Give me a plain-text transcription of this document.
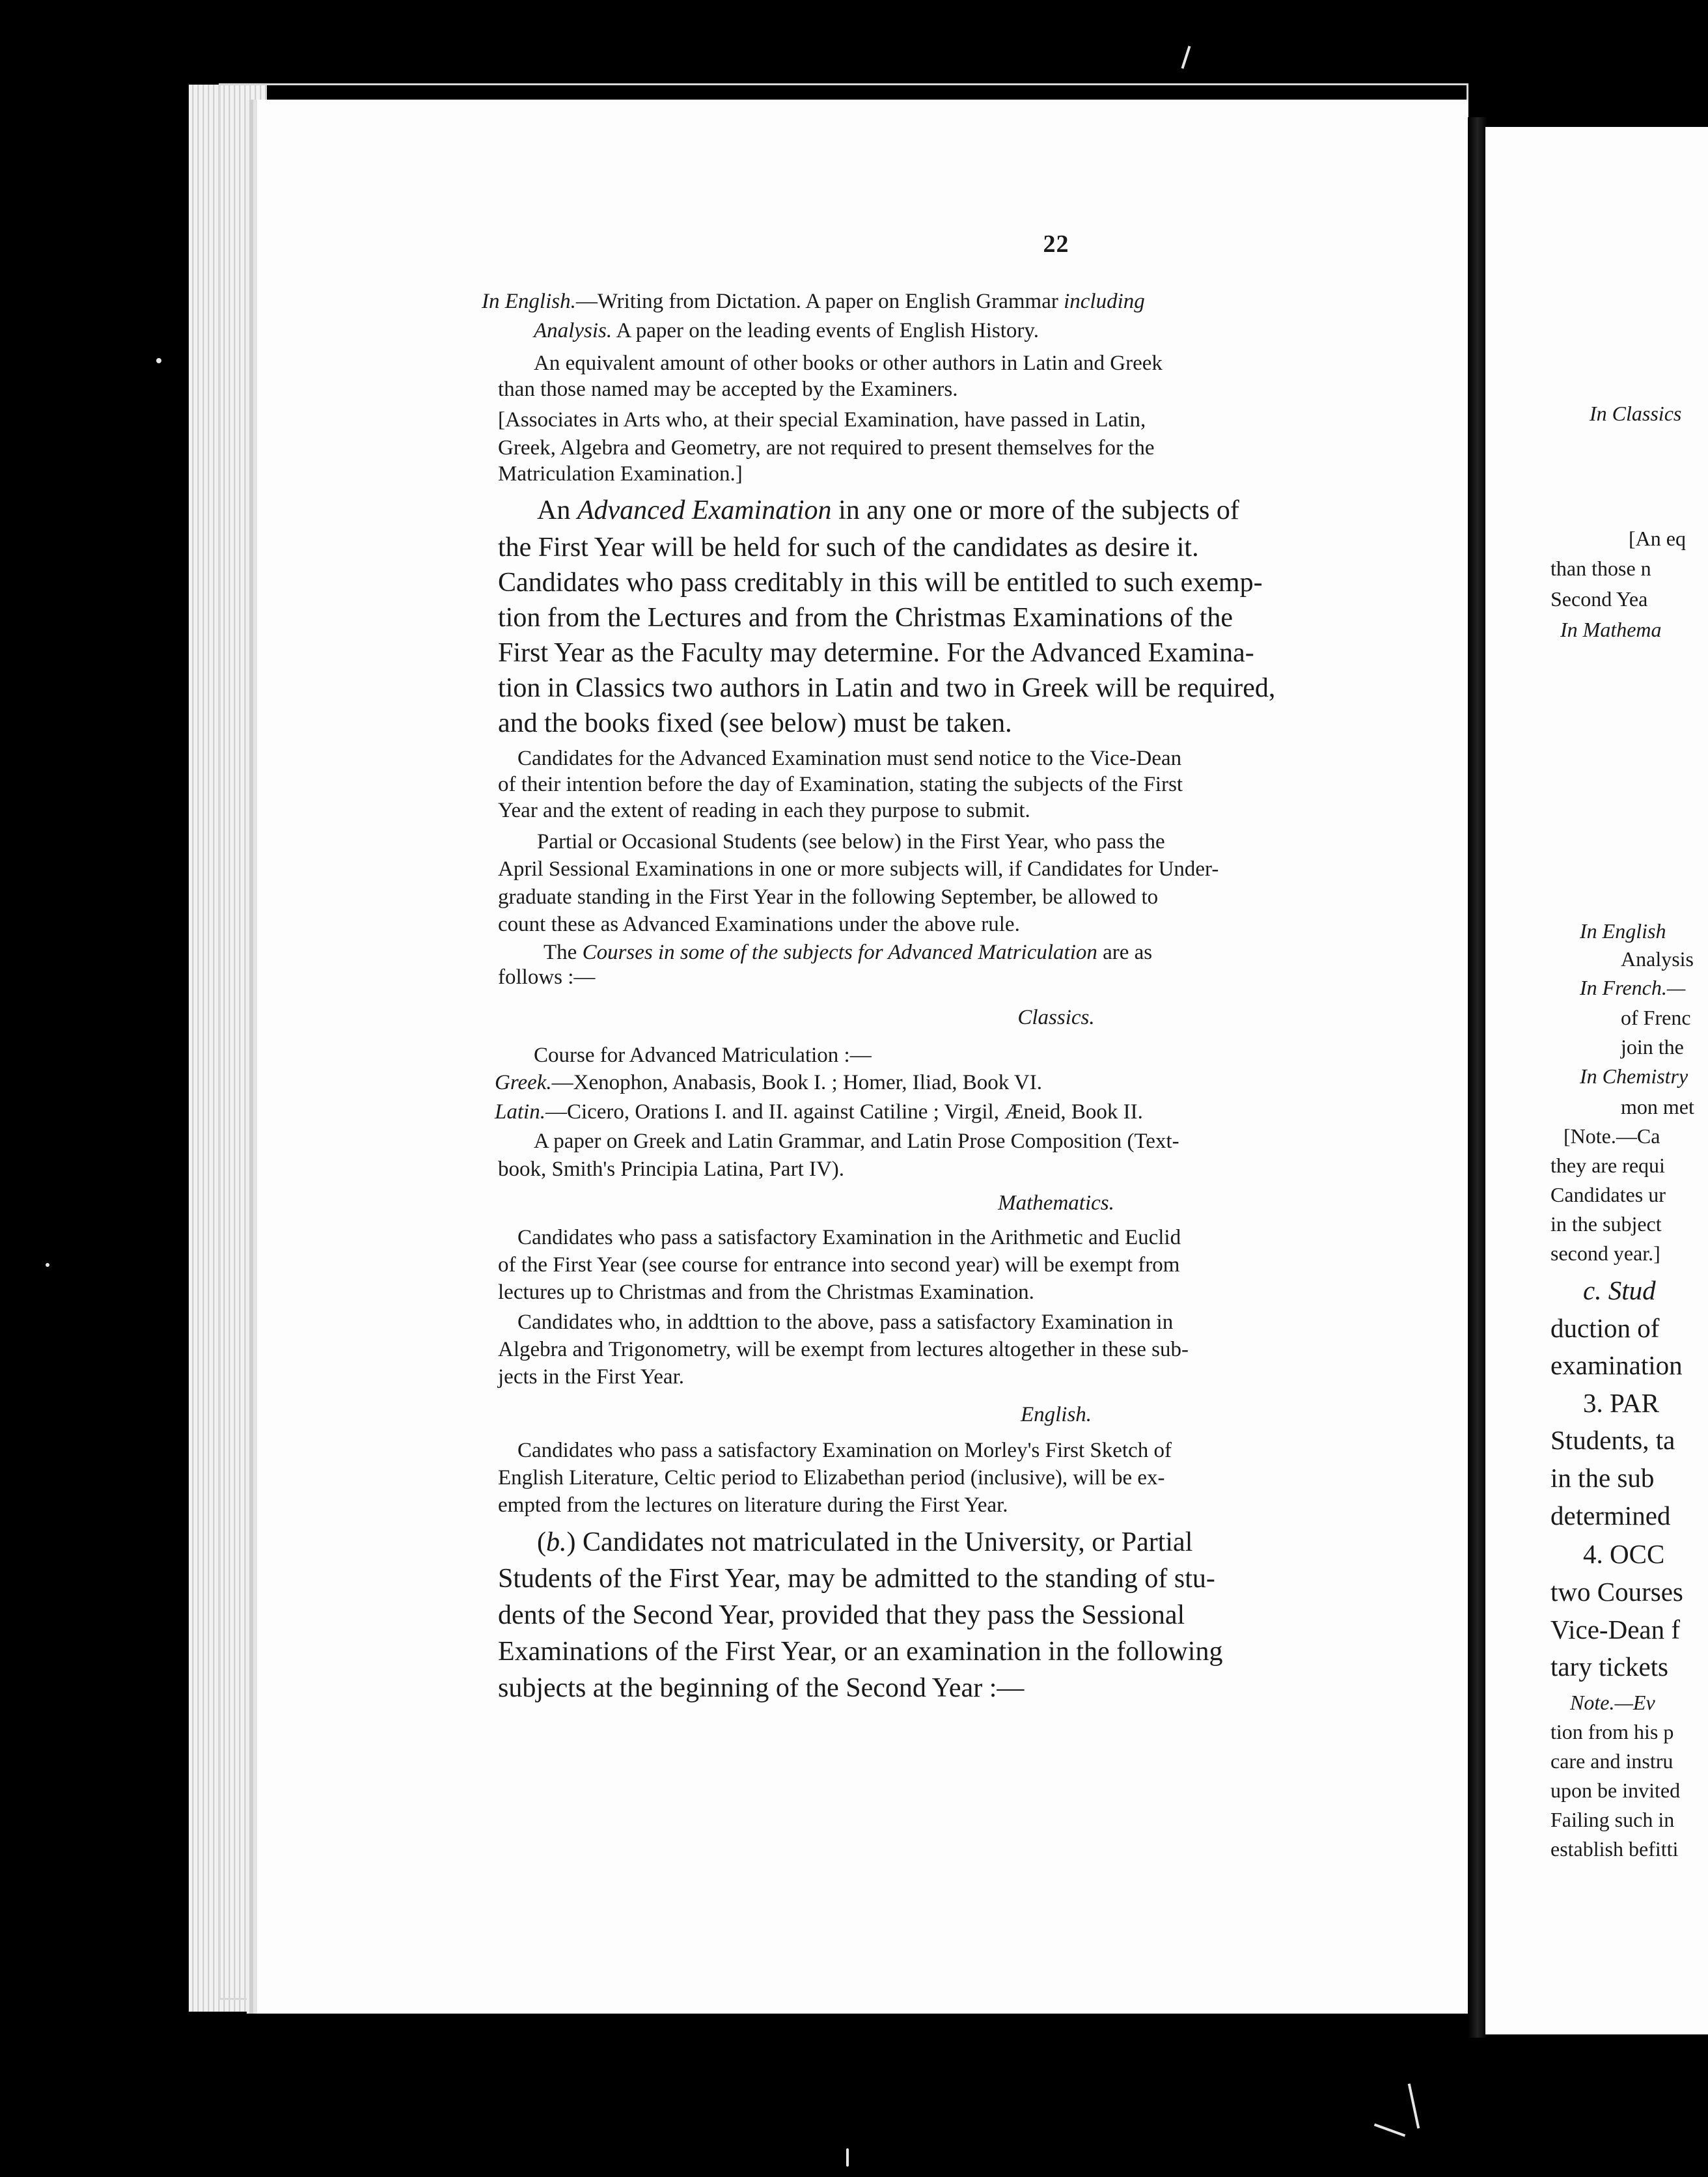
22
In English.—Writing from Dictation. A paper on English Grammar including
Analysis. A paper on the leading events of English History.
An equivalent amount of other books or other authors in Latin and Greek
than those named may be accepted by the Examiners.
[Associates in Arts who, at their special Examination, have passed in Latin,
Greek, Algebra and Geometry, are not required to present themselves for the
Matriculation Examination.]
An Advanced Examination in any one or more of the subjects of
the First Year will be held for such of the candidates as desire it.
Candidates who pass creditably in this will be entitled to such exemp-
tion from the Lectures and from the Christmas Examinations of the
First Year as the Faculty may determine. For the Advanced Examina-
tion in Classics two authors in Latin and two in Greek will be required,
and the books fixed (see below) must be taken.
Candidates for the Advanced Examination must send notice to the Vice-Dean
of their intention before the day of Examination, stating the subjects of the First
Year and the extent of reading in each they purpose to submit.
Partial or Occasional Students (see below) in the First Year, who pass the
April Sessional Examinations in one or more subjects will, if Candidates for Under-
graduate standing in the First Year in the following September, be allowed to
count these as Advanced Examinations under the above rule.
The Courses in some of the subjects for Advanced Matriculation are as
follows :—
Classics.
Course for Advanced Matriculation :—
Greek.—Xenophon, Anabasis, Book I. ; Homer, Iliad, Book VI.
Latin.—Cicero, Orations I. and II. against Catiline ; Virgil, Æneid, Book II.
A paper on Greek and Latin Grammar, and Latin Prose Composition (Text-
book, Smith's Principia Latina, Part IV).
Mathematics.
Candidates who pass a satisfactory Examination in the Arithmetic and Euclid
of the First Year (see course for entrance into second year) will be exempt from
lectures up to Christmas and from the Christmas Examination.
Candidates who, in addttion to the above, pass a satisfactory Examination in
Algebra and Trigonometry, will be exempt from lectures altogether in these sub-
jects in the First Year.
English.
Candidates who pass a satisfactory Examination on Morley's First Sketch of
English Literature, Celtic period to Elizabethan period (inclusive), will be ex-
empted from the lectures on literature during the First Year.
(b.) Candidates not matriculated in the University, or Partial
Students of the First Year, may be admitted to the standing of stu-
dents of the Second Year, provided that they pass the Sessional
Examinations of the First Year, or an examination in the following
subjects at the beginning of the Second Year :—
In Classics
[An eq
than those n
Second Yea
In Mathema
In English
Analysis
In French.—
of Frenc
join the
In Chemistry
mon met
[Note.—Ca
they are requi
Candidates ur
in the subject
second year.]
c. Stud
duction of
examination
3. PAR
Students, ta
in the sub
determined
4. OCC
two Courses
Vice-Dean f
tary tickets
Note.—Ev
tion from his p
care and instru
upon be invited
Failing such in
establish befitti
